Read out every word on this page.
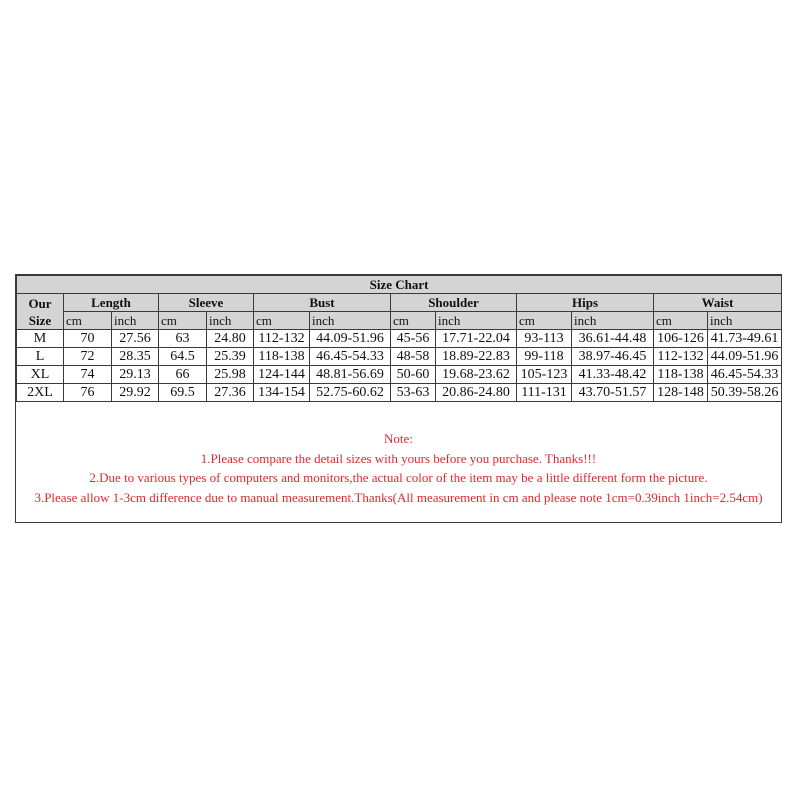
Size Chart												
Our
Size	Length		Sleeve		Bust		Shoulder		Hips		Waist	
	cm	inch	cm	inch	cm	inch	cm	inch	cm	inch	cm	inch
M	70	27.56	63	24.80	112-132	44.09-51.96	45-56	17.71-22.04	93-113	36.61-44.48	106-126	41.73-49.61
L	72	28.35	64.5	25.39	118-138	46.45-54.33	48-58	18.89-22.83	99-118	38.97-46.45	112-132	44.09-51.96
XL	74	29.13	66	25.98	124-144	48.81-56.69	50-60	19.68-23.62	105-123	41.33-48.42	118-138	46.45-54.33
2XL	76	29.92	69.5	27.36	134-154	52.75-60.62	53-63	20.86-24.80	111-131	43.70-51.57	128-148	50.39-58.26
Note:
1.Please compare the detail sizes with yours before you purchase. Thanks!!!
2.Due to various types of computers and monitors,the actual color of the item may be a little different form the picture.
3.Please allow 1-3cm difference due to manual measurement.Thanks(All measurement in cm and please note 1cm=0.39inch 1inch=2.54cm)
